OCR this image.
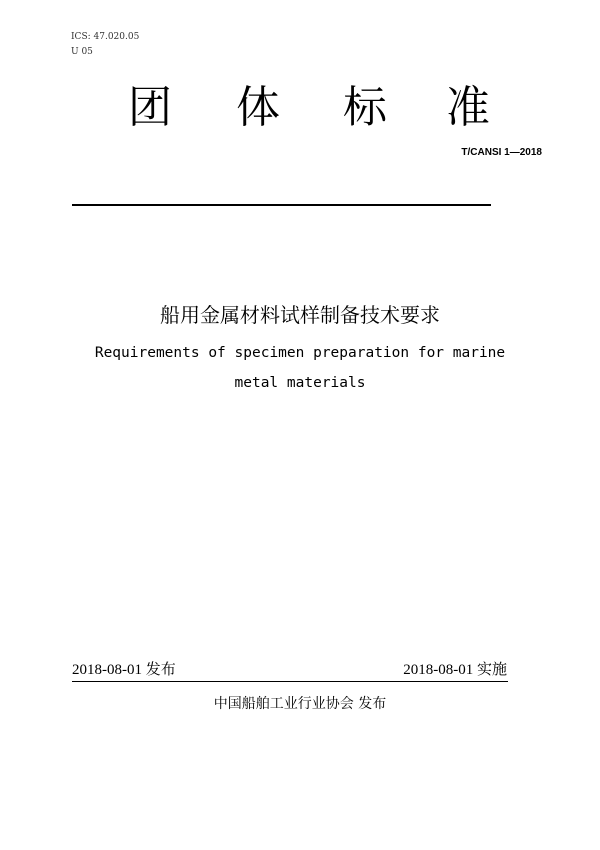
ICS: 47.020.05
U 05
团 体 标 准
T/CANSI 1—2018
船用金属材料试样制备技术要求
Requirements of specimen preparation for marine
metal materials
2018-08-01 发布	2018-08-01 实施
中国船舶工业行业协会 发布
